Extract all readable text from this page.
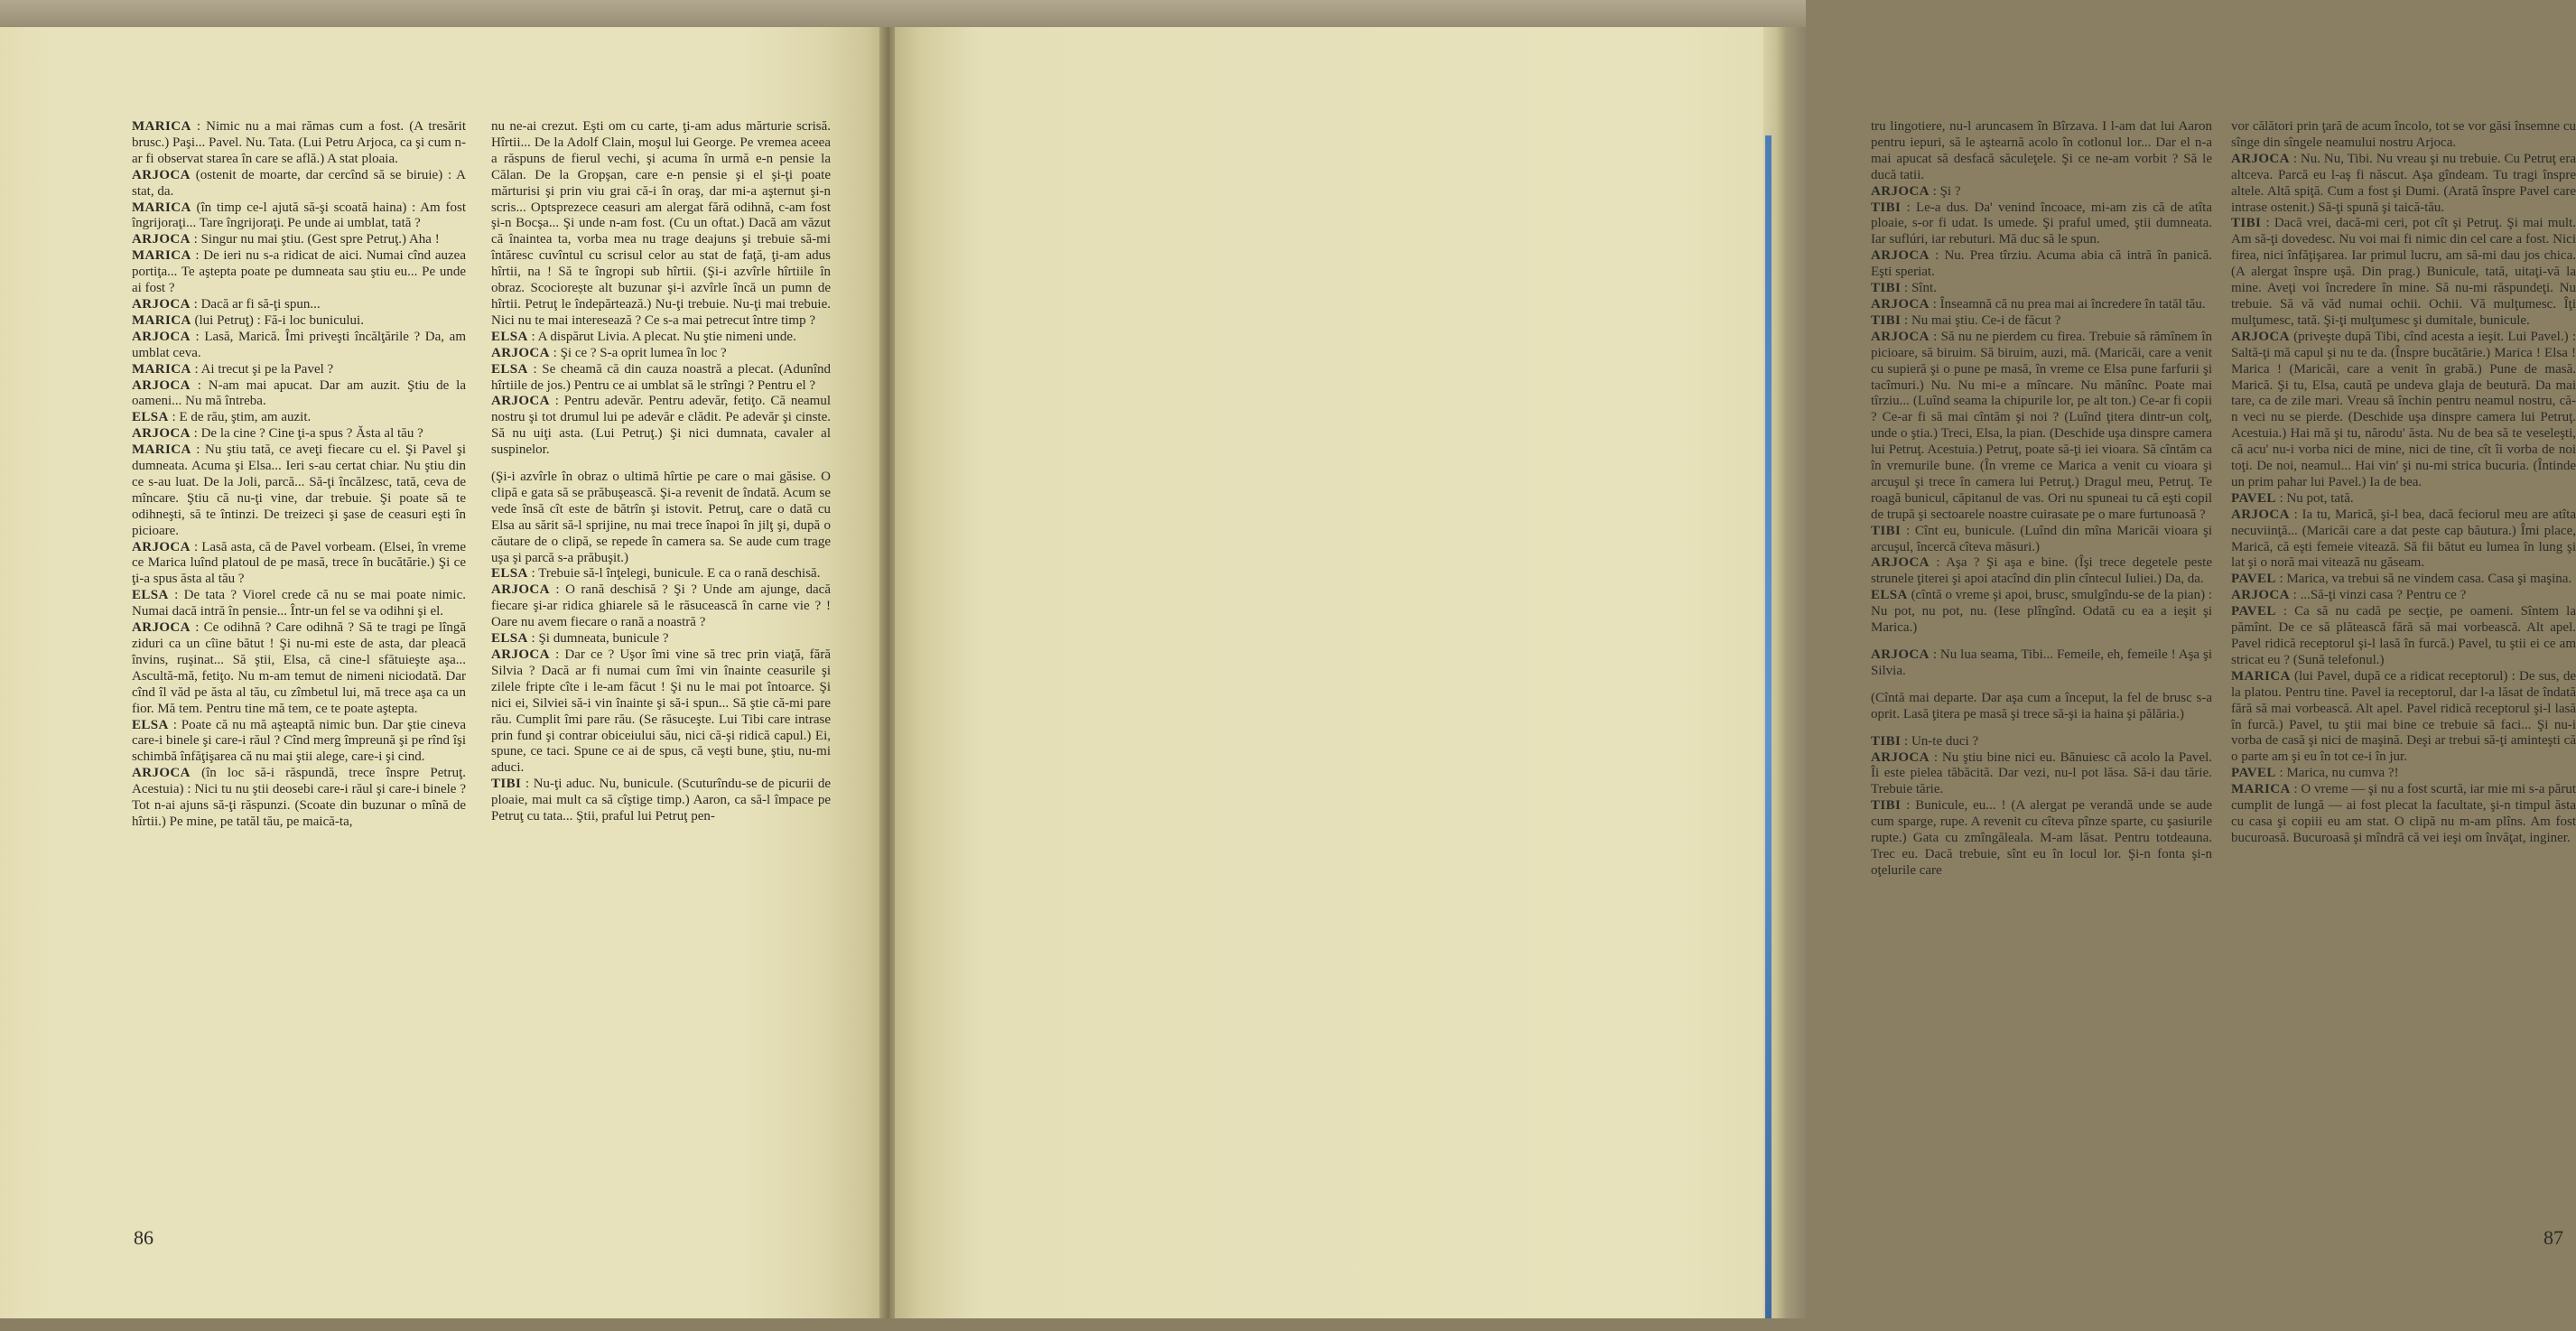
MARICA : Nimic nu a mai rămas cum a fost. (A tresărit brusc.) Paşi... Pavel. Nu. Tata. (Lui Petru Arjoca, ca şi cum n-ar fi observat starea în care se află.) A stat ploaia.

ARJOCA (ostenit de moarte, dar cercînd să se biruie) : A stat, da.

MARICA (în timp ce-l ajută să-şi scoată haina) : Am fost îngrijoraţi... Tare îngrijoraţi. Pe unde ai umblat, tată ?

ARJOCA : Singur nu mai ştiu. (Gest spre Petruţ.) Aha !

MARICA : De ieri nu s-a ridicat de aici. Numai cînd auzea portiţa... Te aştepta poate pe dumneata sau ştiu eu... Pe unde ai fost ?

ARJOCA : Dacă ar fi să-ţi spun...

MARICA (lui Petruţ) : Fă-i loc bunicului.

ARJOCA : Lasă, Marică. Îmi priveşti încălţările ? Da, am umblat ceva.

MARICA : Ai trecut şi pe la Pavel ?

ARJOCA : N-am mai apucat. Dar am auzit. Ştiu de la oameni... Nu mă întreba.

ELSA : E de rău, ştim, am auzit.

ARJOCA : De la cine ? Cine ţi-a spus ? Ăsta al tău ?

MARICA : Nu ştiu tată, ce aveţi fiecare cu el. Şi Pavel şi dumneata. Acuma şi Elsa... Ieri s-au certat chiar. Nu ştiu din ce s-au luat. De la Joli, parcă... Să-ţi încălzesc, tată, ceva de mîncare. Ştiu că nu-ţi vine, dar trebuie. Şi poate să te odihneşti, să te întinzi. De treizeci şi şase de ceasuri eşti în picioare.

ARJOCA : Lasă asta, că de Pavel vorbeam. (Elsei, în vreme ce Marica luînd platoul de pe masă, trece în bucătărie.) Şi ce ţi-a spus ăsta al tău ?

ELSA : De tata ? Viorel crede că nu se mai poate nimic. Numai dacă intră în pensie... Într-un fel se va odihni şi el.

ARJOCA : Ce odihnă ? Care odihnă ? Să te tragi pe lîngă ziduri ca un cîine bătut ! Şi nu-mi este de asta, dar pleacă învins, ruşinat... Să ştii, Elsa, că cine-l sfătuieşte aşa... Ascultă-mă, fetiţo. Nu m-am temut de nimeni niciodată. Dar cînd îl văd pe ăsta al tău, cu zîmbetul lui, mă trece aşa ca un fior. Mă tem. Pentru tine mă tem, ce te poate aştepta.

ELSA : Poate că nu mă aşteaptă nimic bun. Dar ştie cineva care-i binele şi care-i răul ? Cînd merg împreună şi pe rînd îşi schimbă înfăţişarea că nu mai ştii alege, care-i şi cind.

ARJOCA (în loc să-i răspundă, trece înspre Petruţ. Acestuia) : Nici tu nu ştii deosebi care-i răul şi care-i binele ? Tot n-ai ajuns să-ţi răspunzi. (Scoate din buzunar o mînă de hîrtii.) Pe mine, pe tatăl tău, pe maică-ta,

nu ne-ai crezut. Eşti om cu carte, ţi-am adus mărturie scrisă. Hîrtii... De la Adolf Clain, moşul lui George. Pe vremea aceea a răspuns de fierul vechi, şi acuma în urmă e-n pensie la Călan. De la Gropşan, care e-n pensie şi el şi-ţi poate mărturisi şi prin viu grai că-i în oraş, dar mi-a aşternut şi-n scris... Optsprezece ceasuri am alergat fără odihnă, c-am fost şi-n Bocşa... Şi unde n-am fost. (Cu un oftat.) Dacă am văzut că înaintea ta, vorba mea nu trage deajuns şi trebuie să-mi întăresc cuvîntul cu scrisul celor au stat de faţă, ţi-am adus hîrtii, na ! Să te îngropi sub hîrtii. (Şi-i azvîrle hîrtiile în obraz. Scociorește alt buzunar şi-i azvîrle încă un pumn de hîrtii. Petruţ le îndepărtează.) Nu-ţi trebuie. Nu-ţi mai trebuie. Nici nu te mai interesează ? Ce s-a mai petrecut între timp ?

ELSA : A dispărut Livia. A plecat. Nu ştie nimeni unde.

ARJOCA : Şi ce ? S-a oprit lumea în loc ?

ELSA : Se cheamă că din cauza noastră a plecat. (Adunînd hîrtiile de jos.) Pentru ce ai umblat să le strîngi ? Pentru el ?

ARJOCA : Pentru adevăr. Pentru adevăr, fetiţo. Că neamul nostru şi tot drumul lui pe adevăr e clădit. Pe adevăr şi cinste. Să nu uiţi asta. (Lui Petruţ.) Şi nici dumnata, cavaler al suspinelor.

(Şi-i azvîrle în obraz o ultimă hîrtie pe care o mai găsise. O clipă e gata să se prăbuşească. Şi-a revenit de îndată. Acum se vede însă cît este de bătrîn şi istovit. Petruţ, care o dată cu Elsa au sărit să-l sprijine, nu mai trece înapoi în jilţ şi, după o căutare de o clipă, se repede în camera sa. Se aude cum trage uşa şi parcă s-a prăbuşit.)

ELSA : Trebuie să-l înţelegi, bunicule. E ca o rană deschisă.

ARJOCA : O rană deschisă ? Şi ? Unde am ajunge, dacă fiecare şi-ar ridica ghiarele să le răsucească în carne vie ? ! Oare nu avem fiecare o rană a noastră ?

ELSA : Şi dumneata, bunicule ?

ARJOCA : Dar ce ? Uşor îmi vine să trec prin viaţă, fără Silvia ? Dacă ar fi numai cum îmi vin înainte ceasurile şi zilele fripte cîte i le-am făcut ! Şi nu le mai pot întoarce. Şi nici ei, Silviei să-i vin înainte şi să-i spun... Să ştie că-mi pare rău. Cumplit îmi pare rău. (Se răsuceşte. Lui Tibi care intrase prin fund şi contrar obiceiului său, nici că-şi ridică capul.) Ei, spune, ce taci. Spune ce ai de spus, că veşti bune, ştiu, nu-mi aduci.

TIBI : Nu-ţi aduc. Nu, bunicule. (Scuturîndu-se de picurii de ploaie, mai mult ca să cîştige timp.) Aaron, ca să-l împace pe Petruţ cu tata... Ştii, praful lui Petruţ pen-

86

tru lingotiere, nu-l aruncasem în Bîrzava. I l-am dat lui Aaron pentru iepuri, să le aştearnă acolo în cotlonul lor... Dar el n-a mai apucat să desfacă săculeţele. Şi ce ne-am vorbit ? Să le ducă tatii.

ARJOCA : Şi ?

TIBI : Le-a dus. Da' venind încoace, mi-am zis că de atîta ploaie, s-or fi udat. Is umede. Şi praful umed, ştii dumneata. Iar suflúri, iar rebuturi. Mă duc să le spun.

ARJOCA : Nu. Prea tîrziu. Acuma abia că intră în panică. Eşti speriat.

TIBI : Sînt.

ARJOCA : Înseamnă că nu prea mai ai încredere în tatăl tău.

TIBI : Nu mai ştiu. Ce-i de făcut ?

ARJOCA : Să nu ne pierdem cu firea. Trebuie să rămînem în picioare, să biruim. Să biruim, auzi, mă. (Maricăi, care a venit cu supieră şi o pune pe masă, în vreme ce Elsa pune farfurii şi tacîmuri.) Nu. Nu mi-e a mîncare. Nu mănînc. Poate mai tîrziu... (Luînd seama la chipurile lor, pe alt ton.) Ce-ar fi copii ? Ce-ar fi să mai cîntăm şi noi ? (Luînd ţitera dintr-un colţ, unde o ştia.) Treci, Elsa, la pian. (Deschide uşa dinspre camera lui Petruţ. Acestuia.) Petruţ, poate să-ţi iei vioara. Să cîntăm ca în vremurile bune. (În vreme ce Marica a venit cu vioara şi arcuşul şi trece în camera lui Petruţ.) Dragul meu, Petruţ. Te roagă bunicul, căpitanul de vas. Ori nu spuneai tu că eşti copil de trupă şi sectoarele noastre cuirasate pe o mare furtunoasă ?

TIBI : Cînt eu, bunicule. (Luînd din mîna Maricăi vioara şi arcuşul, încercă cîteva măsuri.)

ARJOCA : Aşa ? Şi aşa e bine. (Îşi trece degetele peste strunele ţiterei şi apoi atacînd din plin cîntecul Iuliei.) Da, da.

ELSA (cîntă o vreme şi apoi, brusc, smulgîndu-se de la pian) : Nu pot, nu pot, nu. (Iese plîngînd. Odată cu ea a ieşit şi Marica.)

ARJOCA : Nu lua seama, Tibi... Femeile, eh, femeile ! Aşa şi Silvia.

(Cîntă mai departe. Dar aşa cum a început, la fel de brusc s-a oprit. Lasă ţitera pe masă şi trece să-şi ia haina şi pălăria.)

TIBI : Un-te duci ?

ARJOCA : Nu ştiu bine nici eu. Bănuiesc că acolo la Pavel. Îi este pielea tăbăcită. Dar vezi, nu-l pot lăsa. Să-i dau tărie. Trebuie tărie.

TIBI : Bunicule, eu... ! (A alergat pe verandă unde se aude cum sparge, rupe. A revenit cu cîteva pînze sparte, cu şasiurile rupte.) Gata cu zmîngăleala. M-am lăsat. Pentru totdeauna. Trec eu. Dacă trebuie, sînt eu în locul lor. Şi-n fonta şi-n oţelurile care

vor călători prin ţară de acum încolo, tot se vor găsi însemne cu sînge din sîngele neamului nostru Arjoca.

ARJOCA : Nu. Nu, Tibi. Nu vreau şi nu trebuie. Cu Petruţ era altceva. Parcă eu l-aş fi născut. Aşa gîndeam. Tu tragi înspre altele. Altă spiţă. Cum a fost şi Dumi. (Arată înspre Pavel care intrase ostenit.) Să-ţi spună şi taică-tău.

TIBI : Dacă vrei, dacă-mi ceri, pot cît şi Petruţ. Şi mai mult. Am să-ţi dovedesc. Nu voi mai fi nimic din cel care a fost. Nici firea, nici înfăţişarea. Iar primul lucru, am să-mi dau jos chica. (A alergat înspre uşă. Din prag.) Bunicule, tată, uitaţi-vă la mine. Aveţi voi încredere în mine. Să nu-mi răspundeţi. Nu trebuie. Să vă văd numai ochii. Ochii. Vă mulţumesc. Îţi mulţumesc, tată. Şi-ţi mulţumesc şi dumitale, bunicule.

ARJOCA (priveşte după Tibi, cînd acesta a ieşit. Lui Pavel.) : Saltă-ţi mă capul şi nu te da. (Înspre bucătărie.) Marica ! Elsa ! Marica ! (Maricăi, care a venit în grabă.) Pune de masă. Marică. Şi tu, Elsa, caută pe undeva glaja de beutură. Da mai tare, ca de zile mari. Vreau să închin pentru neamul nostru, că-n veci nu se pierde. (Deschide uşa dinspre camera lui Petruţ. Acestuia.) Hai mă şi tu, nărodu' ăsta. Nu de bea să te veseleşti, că acu' nu-i vorba nici de mine, nici de tine, cît îi vorba de noi toţi. De noi, neamul... Hai vin' şi nu-mi strica bucuria. (Întinde un prim pahar lui Pavel.) Ia de bea.

PAVEL : Nu pot, tată.

ARJOCA : Ia tu, Marică, şi-l bea, dacă feciorul meu are atîta necuviinţă... (Maricăi care a dat peste cap băutura.) Îmi place, Marică, că eşti femeie vitează. Să fii bătut eu lumea în lung şi lat şi o noră mai vitează nu găseam.

PAVEL : Marica, va trebui să ne vindem casa. Casa şi maşina.

ARJOCA : ...Să-ţi vinzi casa ? Pentru ce ?

PAVEL : Ca să nu cadă pe secţie, pe oameni. Sîntem la pămînt. De ce să plătească fără să mai vorbească. Alt apel. Pavel ridică receptorul şi-l lasă în furcă.) Pavel, tu ştii ei ce am stricat eu ? (Sună telefonul.)

MARICA (lui Pavel, după ce a ridicat receptorul) : De sus, de la platou. Pentru tine. Pavel ia receptorul, dar l-a lăsat de îndată fără să mai vorbească. Alt apel. Pavel ridică receptorul şi-l lasă în furcă.) Pavel, tu ştii mai bine ce trebuie să faci... Şi nu-i vorba de casă şi nici de maşină. Deşi ar trebui să-ţi aminteşti că o parte am şi eu în tot ce-i în jur.

PAVEL : Marica, nu cumva ?!

MARICA : O vreme — şi nu a fost scurtă, iar mie mi s-a părut cumplit de lungă — ai fost plecat la facultate, şi-n timpul ăsta cu casa şi copiii eu am stat. O clipă nu m-am plîns. Am fost bucuroasă. Bucuroasă şi mîndră că vei ieşi om învăţat, inginer.

87
